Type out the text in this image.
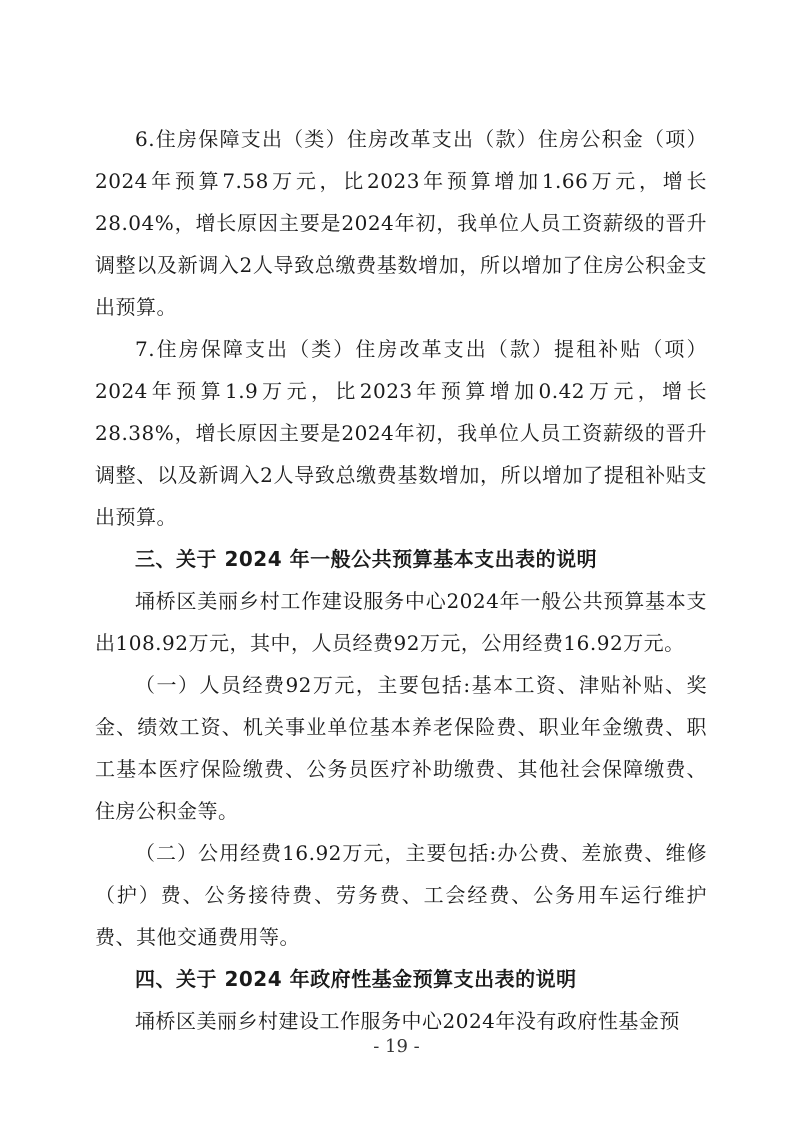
6.住房保障支出（类）住房改革支出（款）住房公积金（项）2024年预算7.58万元，比2023年预算增加1.66万元，增长28.04%，增长原因主要是2024年初，我单位人员工资薪级的晋升调整以及新调入2人导致总缴费基数增加，所以增加了住房公积金支出预算。

7.住房保障支出（类）住房改革支出（款）提租补贴（项）2024年预算1.9万元，比2023年预算增加0.42万元，增长28.38%，增长原因主要是2024年初，我单位人员工资薪级的晋升调整、以及新调入2人导致总缴费基数增加，所以增加了提租补贴支出预算。

三、关于 2024 年一般公共预算基本支出表的说明

埇桥区美丽乡村工作建设服务中心2024年一般公共预算基本支出108.92万元，其中，人员经费92万元，公用经费16.92万元。

（一）人员经费92万元，主要包括:基本工资、津贴补贴、奖金、绩效工资、机关事业单位基本养老保险费、职业年金缴费、职工基本医疗保险缴费、公务员医疗补助缴费、其他社会保障缴费、住房公积金等。

（二）公用经费16.92万元，主要包括:办公费、差旅费、维修（护）费、公务接待费、劳务费、工会经费、公务用车运行维护费、其他交通费用等。

四、关于 2024 年政府性基金预算支出表的说明

埇桥区美丽乡村建设工作服务中心2024年没有政府性基金预

- 19 -
